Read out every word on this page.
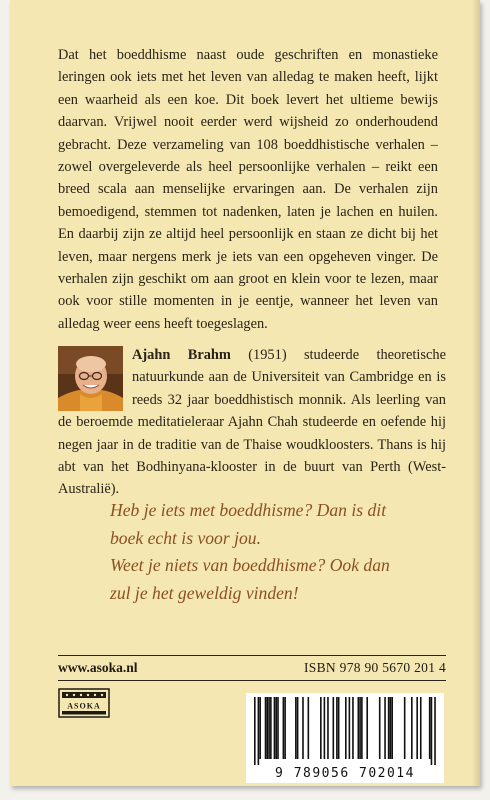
Dat het boeddhisme naast oude geschriften en monastieke leringen ook iets met het leven van alledag te maken heeft, lijkt een waarheid als een koe. Dit boek levert het ultieme bewijs daarvan. Vrijwel nooit eerder werd wijsheid zo onderhoudend gebracht. Deze verzameling van 108 boeddhistische verhalen – zowel overgeleverde als heel persoonlijke verhalen – reikt een breed scala aan menselijke ervaringen aan. De verhalen zijn bemoedigend, stemmen tot nadenken, laten je lachen en huilen. En daarbij zijn ze altijd heel persoonlijk en staan ze dicht bij het leven, maar nergens merk je iets van een opgeheven vinger. De verhalen zijn geschikt om aan groot en klein voor te lezen, maar ook voor stille momenten in je eentje, wanneer het leven van alledag weer eens heeft toegeslagen.

Ajahn Brahm (1951) studeerde theoretische natuurkunde aan de Universiteit van Cambridge en is reeds 32 jaar boeddhistisch monnik. Als leerling van de beroemde meditatieleraar Ajahn Chah studeerde en oefende hij negen jaar in de traditie van de Thaise woudkloosters. Thans is hij abt van het Bodhinyana-klooster in de buurt van Perth (West-Australië).

Heb je iets met boeddhisme? Dan is dit
boek echt is voor jou.
Weet je niets van boeddhisme? Ook dan
zul je het geweldig vinden!

www.asoka.nl	ISBN 978 90 5670 201 4
ASOKA
9 789056 702014
